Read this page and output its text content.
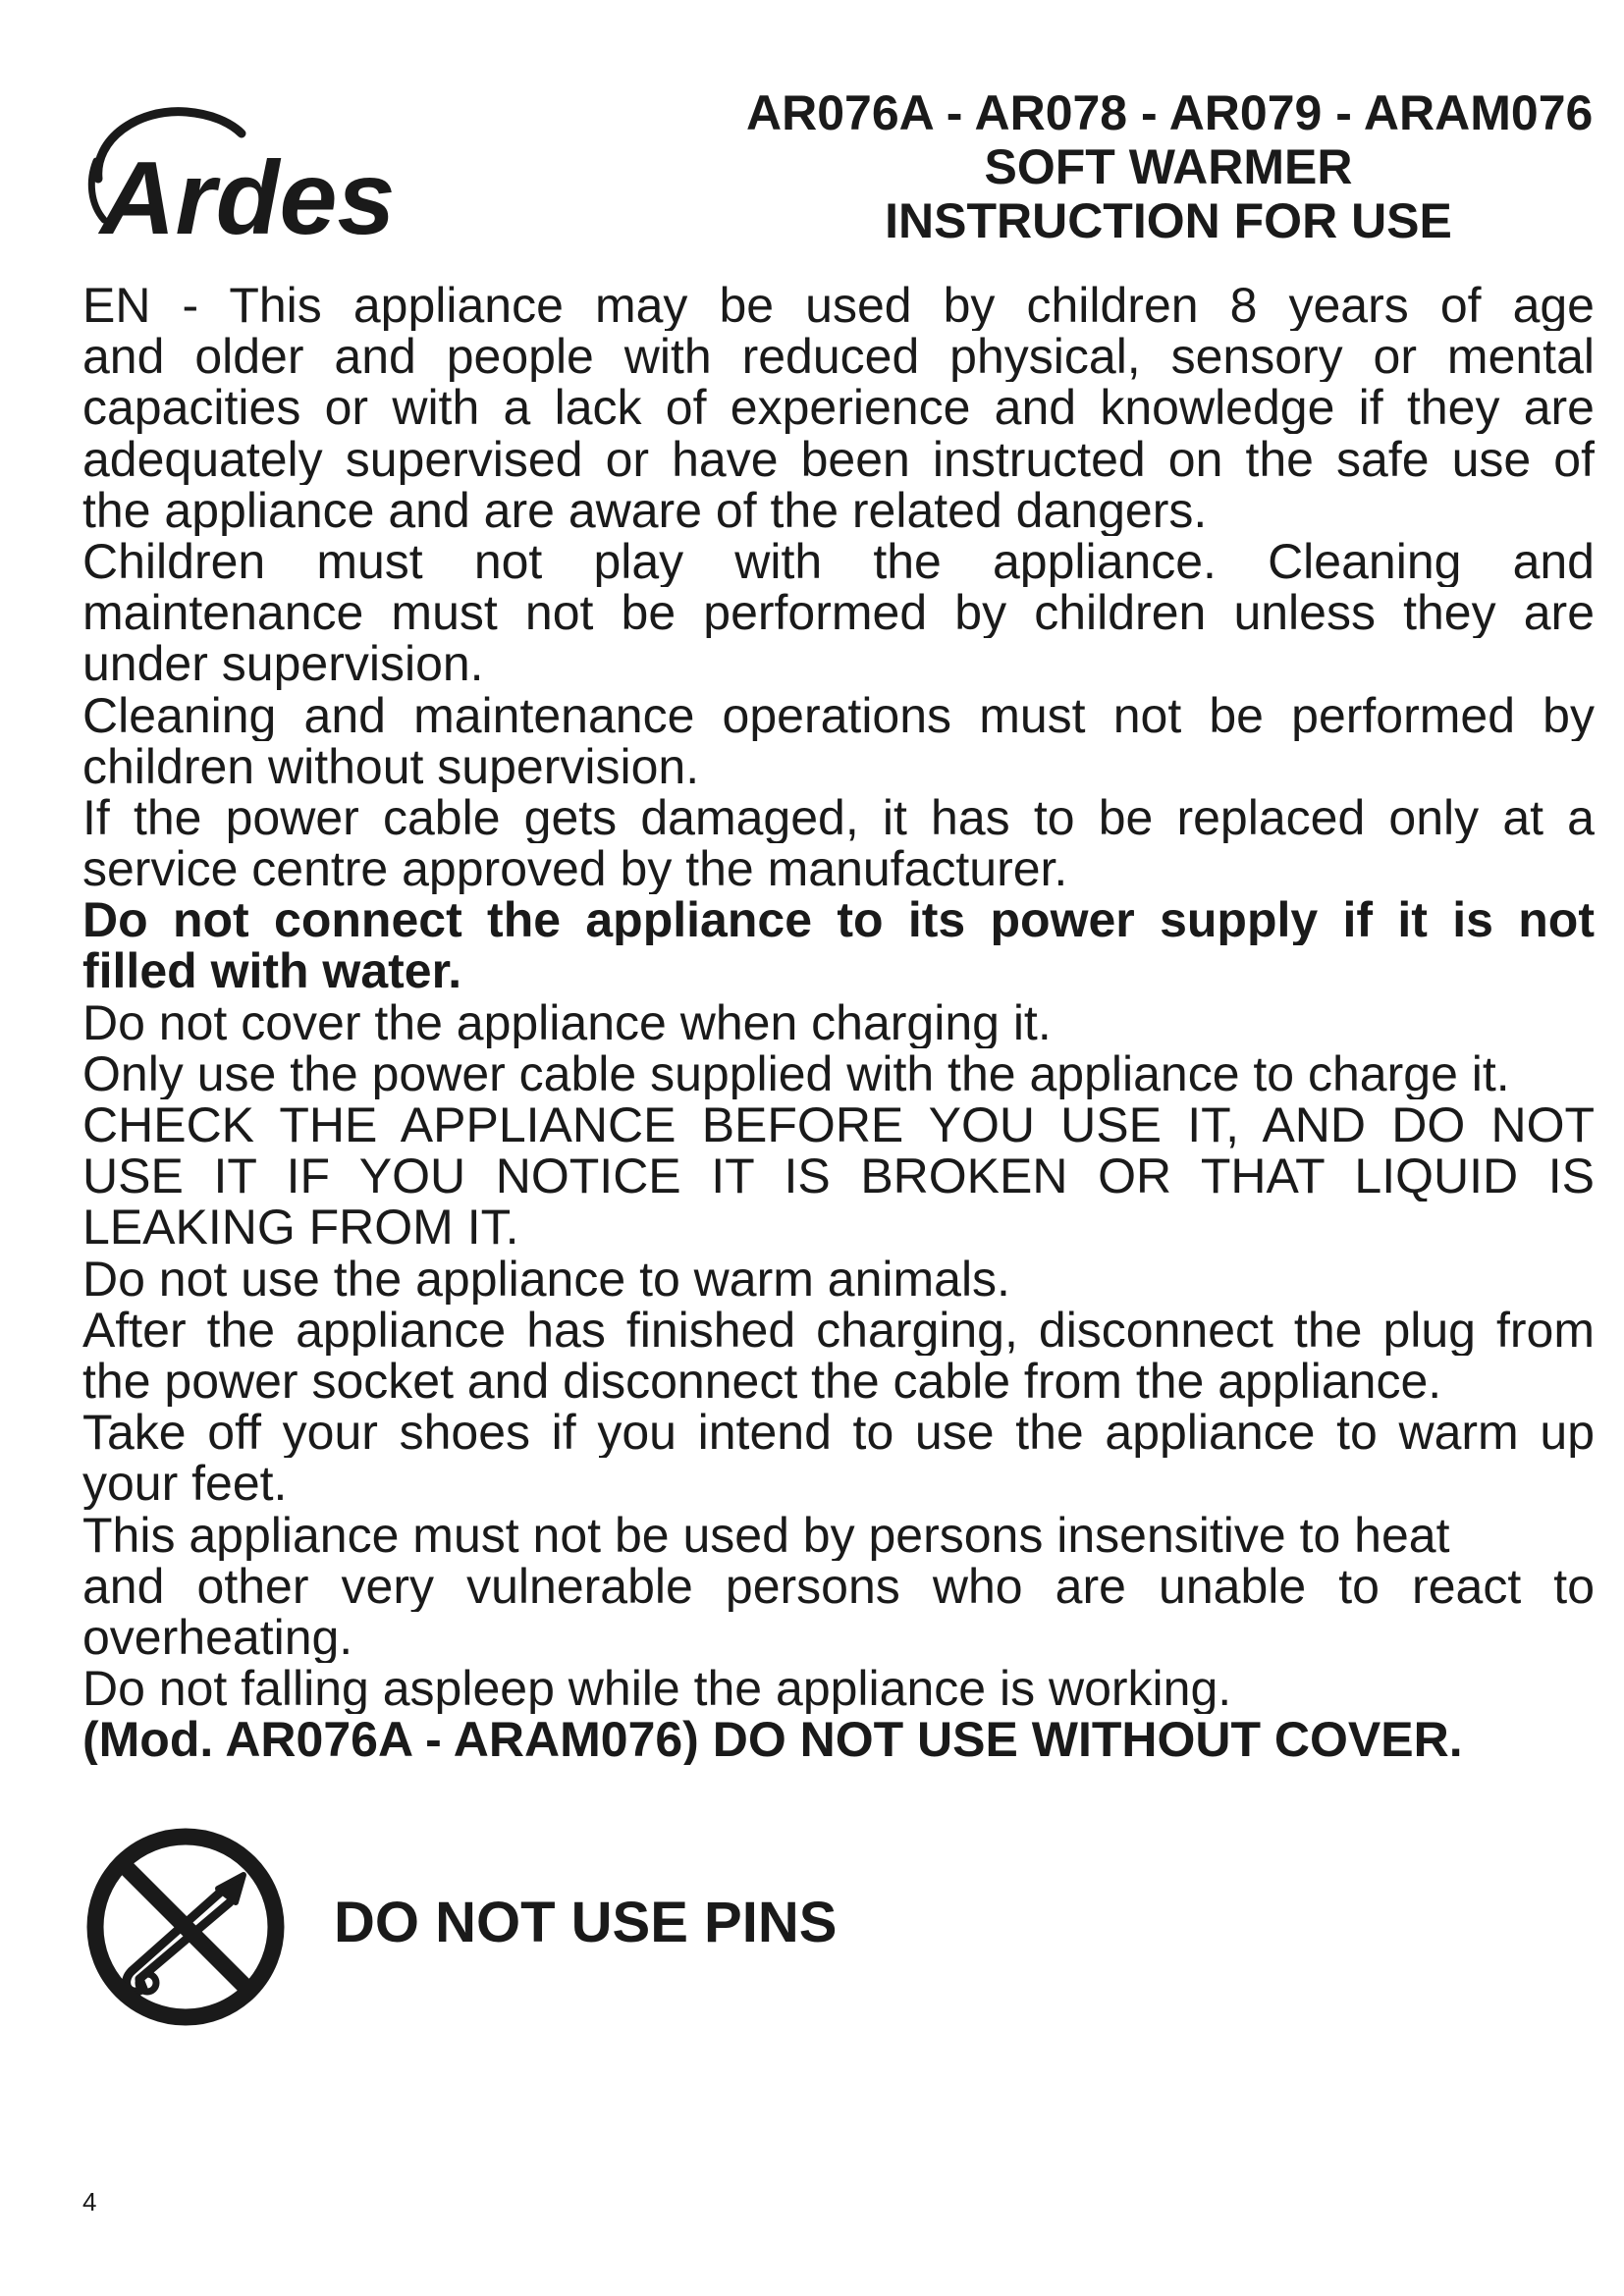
Ardes
AR076A - AR078 - AR079 - ARAM076
SOFT WARMER
INSTRUCTION FOR USE
EN - This appliance may be used by children 8 years of age
and older and people with reduced physical, sensory or mental
capacities or with a lack of experience and knowledge if they are
adequately supervised or have been instructed on the safe use of
the appliance and are aware of the related dangers.
Children must not play with the appliance. Cleaning and
maintenance must not be performed by children unless they are
under supervision.
Cleaning and maintenance operations must not be performed by
children without supervision.
If the power cable gets damaged, it has to be replaced only at a
service centre approved by the manufacturer.
Do not connect the appliance to its power supply if it is not
filled with water.
Do not cover the appliance when charging it.
Only use the power cable supplied with the appliance to charge it.
CHECK THE APPLIANCE BEFORE YOU USE IT, AND DO NOT
USE IT IF YOU NOTICE IT IS BROKEN OR THAT LIQUID IS
LEAKING FROM IT.
Do not use the appliance to warm animals.
After the appliance has finished charging, disconnect the plug from
the power socket and disconnect the cable from the appliance.
Take off your shoes if you intend to use the appliance to warm up
your feet.
This appliance must not be used by persons insensitive to heat
and other very vulnerable persons who are unable to react to
overheating.
Do not falling aspleep while the appliance is working.
(Mod. AR076A - ARAM076) DO NOT USE WITHOUT COVER.
DO NOT USE PINS
4
